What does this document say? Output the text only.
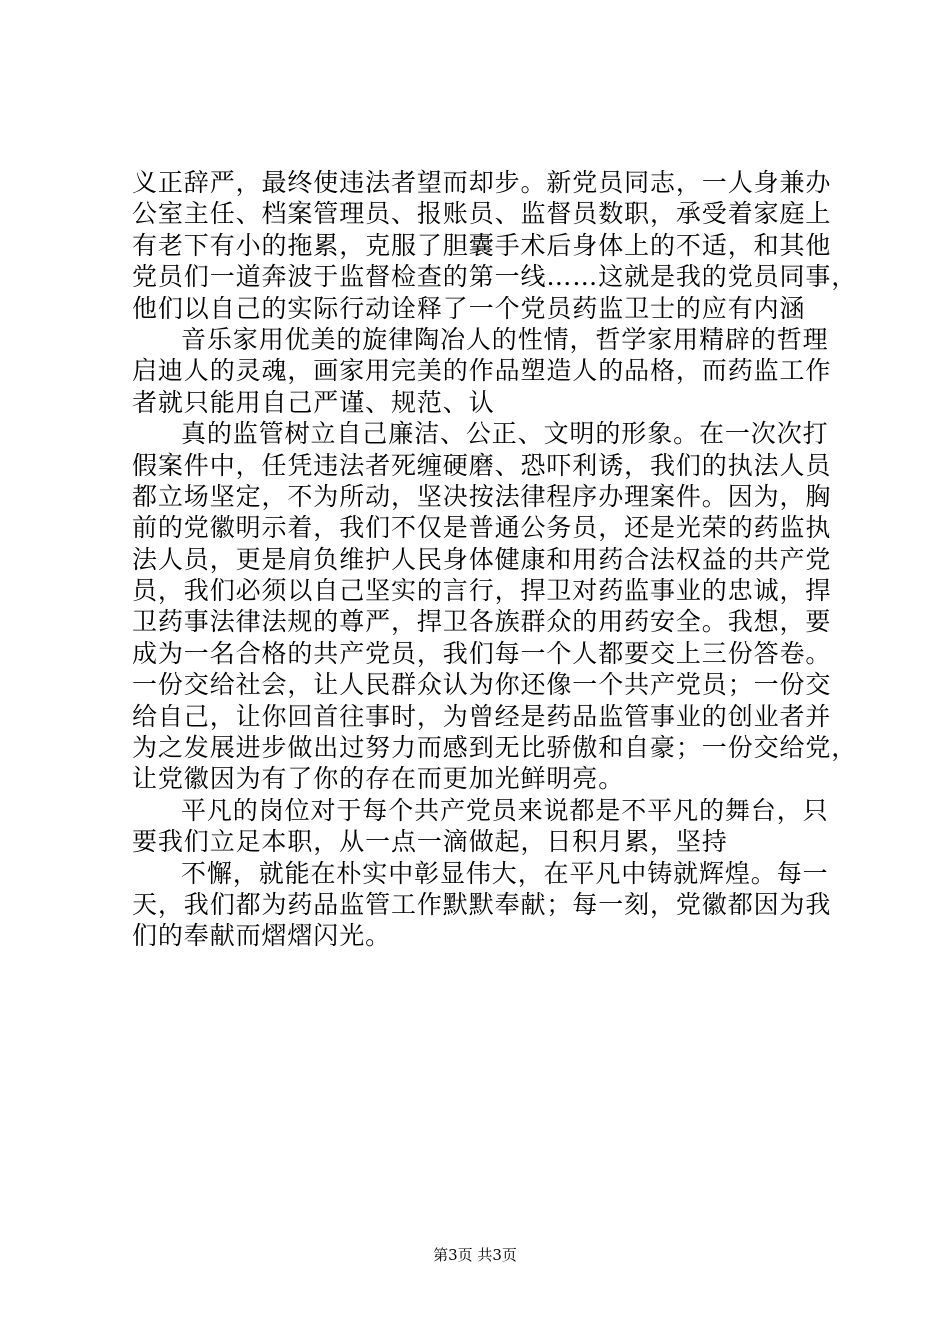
义正辞严，最终使违法者望而却步。新党员同志，一人身兼办
公室主任、档案管理员、报账员、监督员数职，承受着家庭上
有老下有小的拖累，克服了胆囊手术后身体上的不适，和其他
党员们一道奔波于监督检查的第一线……这就是我的党员同事，
他们以自己的实际行动诠释了一个党员药监卫士的应有内涵
音乐家用优美的旋律陶冶人的性情，哲学家用精辟的哲理
启迪人的灵魂，画家用完美的作品塑造人的品格，而药监工作
者就只能用自己严谨、规范、认
真的监管树立自己廉洁、公正、文明的形象。在一次次打
假案件中，任凭违法者死缠硬磨、恐吓利诱，我们的执法人员
都立场坚定，不为所动，坚决按法律程序办理案件。因为，胸
前的党徽明示着，我们不仅是普通公务员，还是光荣的药监执
法人员，更是肩负维护人民身体健康和用药合法权益的共产党
员，我们必须以自己坚实的言行，捍卫对药监事业的忠诚，捍
卫药事法律法规的尊严，捍卫各族群众的用药安全。我想，要
成为一名合格的共产党员，我们每一个人都要交上三份答卷。
一份交给社会，让人民群众认为你还像一个共产党员；一份交
给自己，让你回首往事时，为曾经是药品监管事业的创业者并
为之发展进步做出过努力而感到无比骄傲和自豪；一份交给党，
让党徽因为有了你的存在而更加光鲜明亮。
平凡的岗位对于每个共产党员来说都是不平凡的舞台，只
要我们立足本职，从一点一滴做起，日积月累，坚持
不懈，就能在朴实中彰显伟大，在平凡中铸就辉煌。每一
天，我们都为药品监管工作默默奉献；每一刻，党徽都因为我
们的奉献而熠熠闪光。
第3页 共3页
